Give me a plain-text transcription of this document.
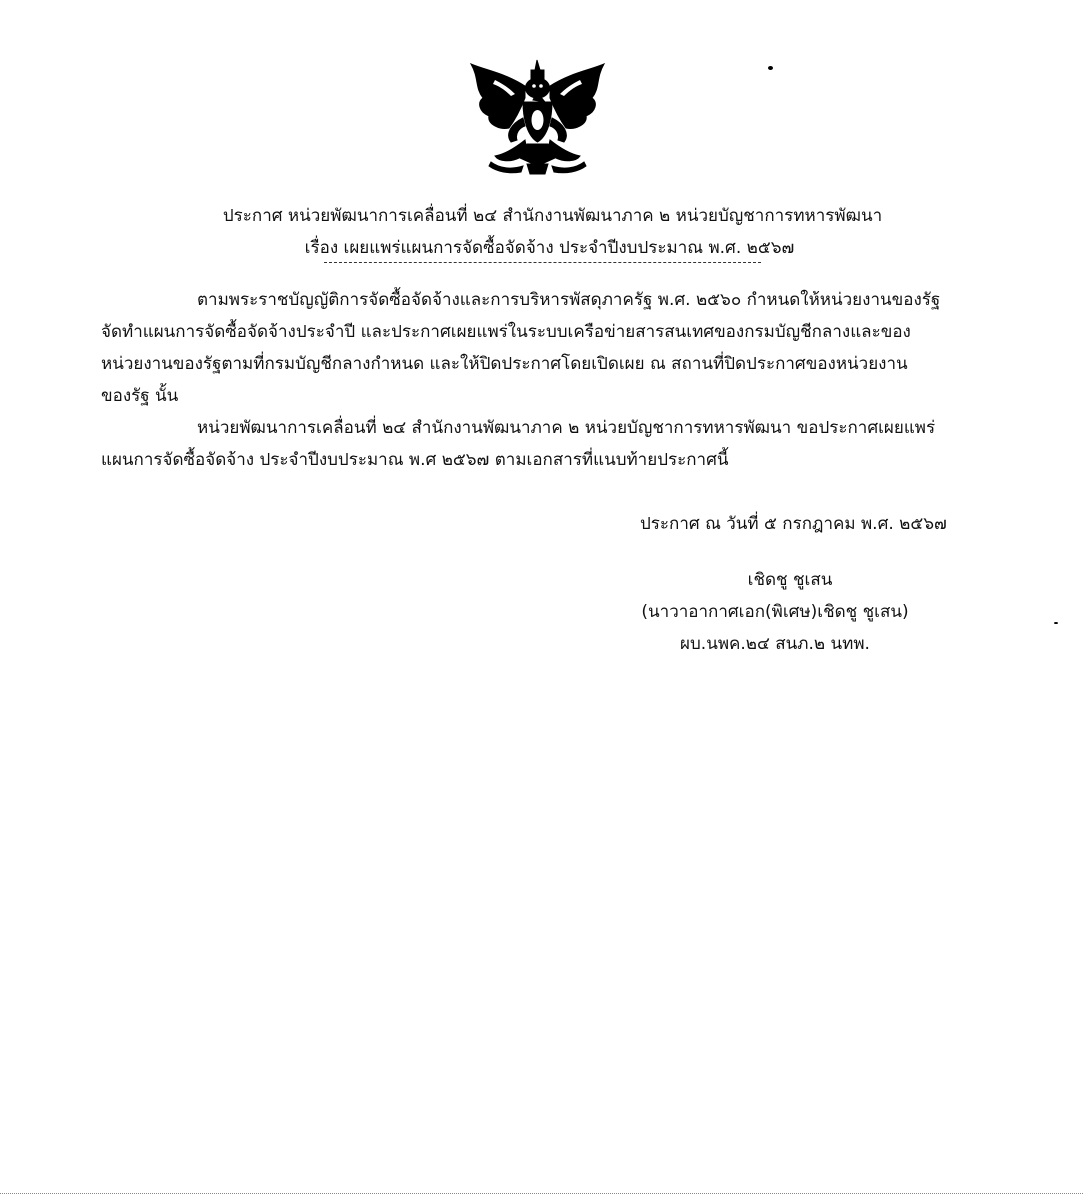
ประกาศ หน่วยพัฒนาการเคลื่อนที่ ๒๔ สำนักงานพัฒนาภาค ๒ หน่วยบัญชาการทหารพัฒนา
เรื่อง เผยแพร่แผนการจัดซื้อจัดจ้าง ประจำปีงบประมาณ พ.ศ. ๒๕๖๗
ตามพระราชบัญญัติการจัดซื้อจัดจ้างและการบริหารพัสดุภาครัฐ พ.ศ. ๒๕๖๐ กำหนดให้หน่วยงานของรัฐ
จัดทำแผนการจัดซื้อจัดจ้างประจำปี และประกาศเผยแพร่ในระบบเครือข่ายสารสนเทศของกรมบัญชีกลางและของ
หน่วยงานของรัฐตามที่กรมบัญชีกลางกำหนด และให้ปิดประกาศโดยเปิดเผย ณ สถานที่ปิดประกาศของหน่วยงาน
ของรัฐ นั้น
หน่วยพัฒนาการเคลื่อนที่ ๒๔ สำนักงานพัฒนาภาค ๒ หน่วยบัญชาการทหารพัฒนา ขอประกาศเผยแพร่
แผนการจัดซื้อจัดจ้าง ประจำปีงบประมาณ พ.ศ ๒๕๖๗ ตามเอกสารที่แนบท้ายประกาศนี้
ประกาศ ณ วันที่ ๕ กรกฎาคม พ.ศ. ๒๕๖๗
เชิดชู ชูเสน
(นาวาอากาศเอก(พิเศษ)เชิดชู ชูเสน)
ผบ.นพค.๒๔ สนภ.๒ นทพ.
